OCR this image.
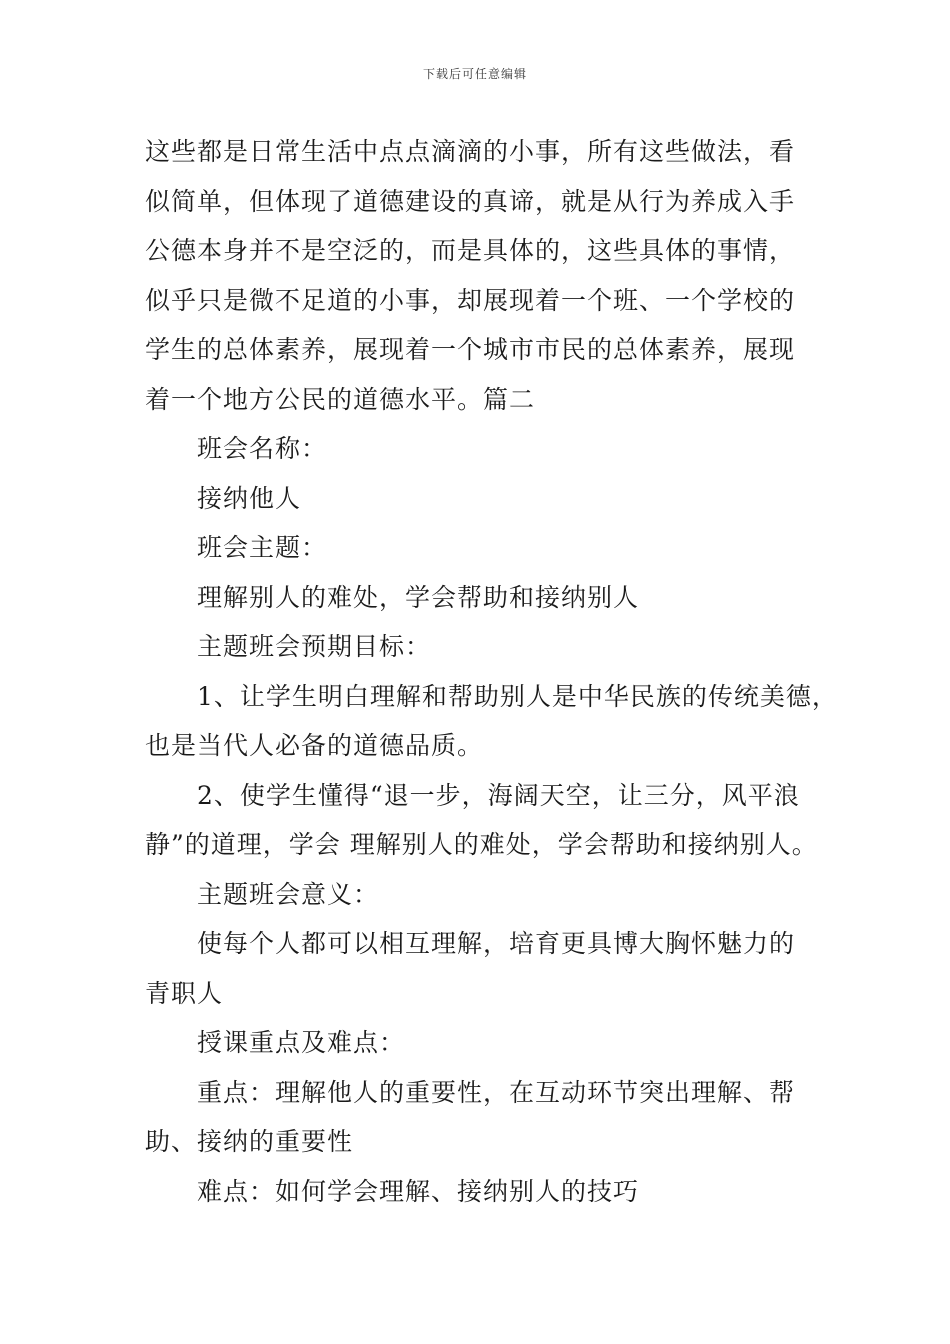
下载后可任意编辑
这些都是日常生活中点点滴滴的小事，所有这些做法，看
似简单，但体现了道德建设的真谛，就是从行为养成入手
公德本身并不是空泛的，而是具体的，这些具体的事情，
似乎只是微不足道的小事，却展现着一个班、一个学校的
学生的总体素养，展现着一个城市市民的总体素养，展现
着一个地方公民的道德水平。篇二
班会名称：
接纳他人
班会主题：
理解别人的难处，学会帮助和接纳别人
主题班会预期目标：
1、让学生明白理解和帮助别人是中华民族的传统美德，
也是当代人必备的道德品质。
2、使学生懂得“退一步，海阔天空，让三分，风平浪
静”的道理，学会 理解别人的难处，学会帮助和接纳别人。
主题班会意义：
使每个人都可以相互理解，培育更具博大胸怀魅力的
青职人
授课重点及难点：
重点：理解他人的重要性，在互动环节突出理解、帮
助、接纳的重要性
难点：如何学会理解、接纳别人的技巧
